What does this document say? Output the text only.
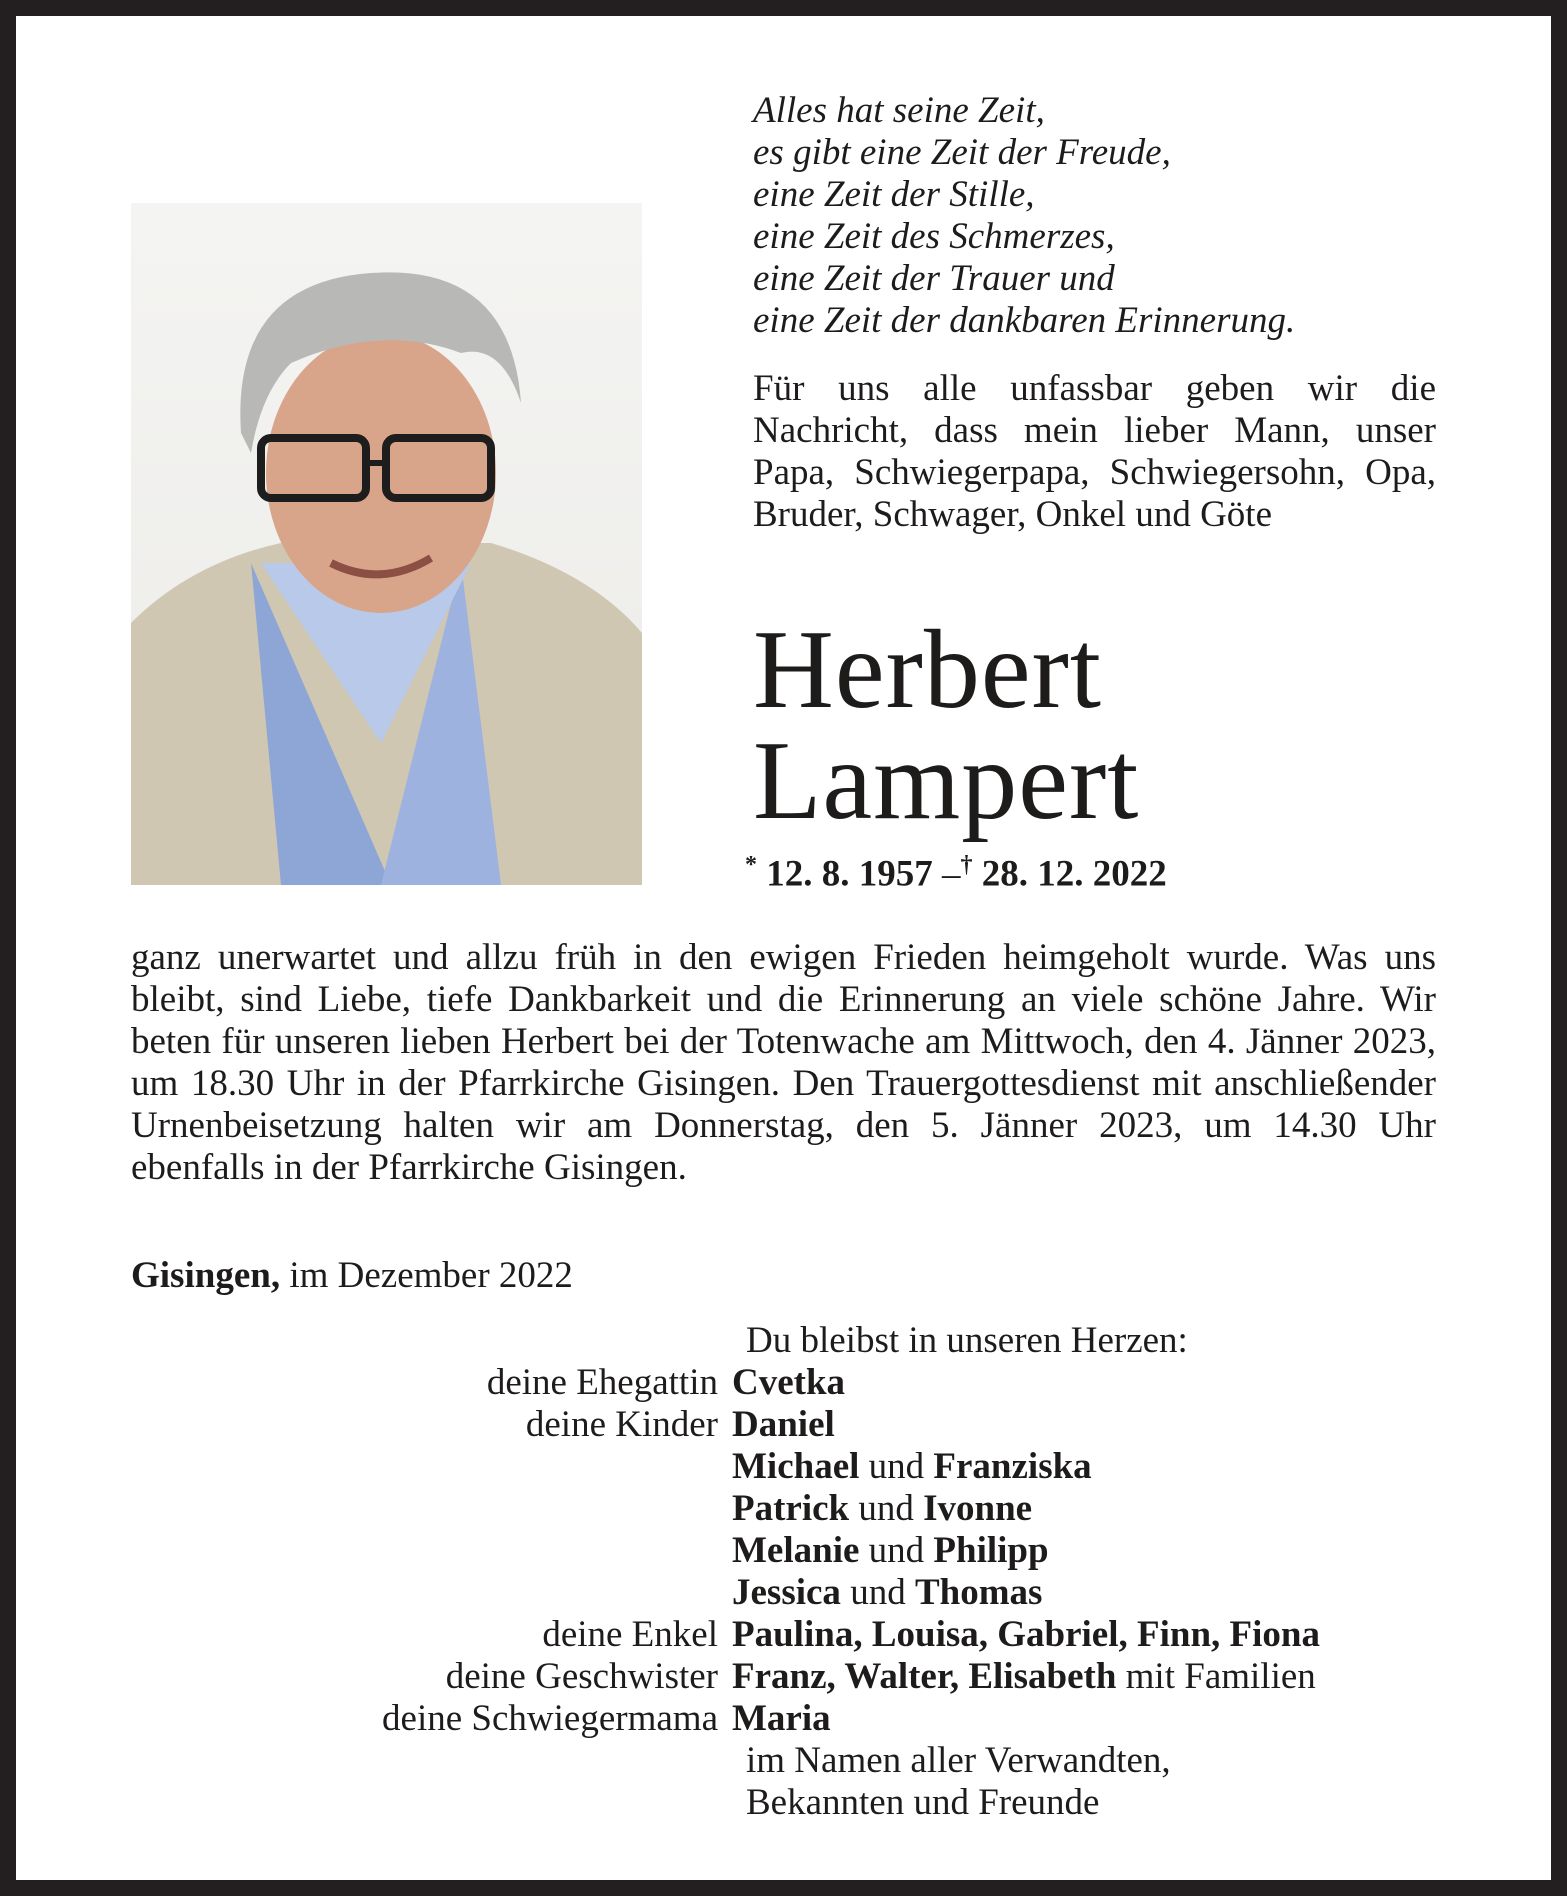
Alles hat seine Zeit,
es gibt eine Zeit der Freude,
eine Zeit der Stille,
eine Zeit des Schmerzes,
eine Zeit der Trauer und
eine Zeit der dankbaren Erinnerung.
Für uns alle unfassbar geben wir die Nachricht, dass mein lieber Mann, unser Papa, Schwiegerpapa, Schwiegersohn, Opa, Bruder, Schwager, Onkel und Göte
Herbert
Lampert
* 12. 8. 1957 –† 28. 12. 2022
ganz unerwartet und allzu früh in den ewigen Frieden heimgeholt wurde. Was uns bleibt, sind Liebe, tiefe Dankbarkeit und die Erinnerung an viele schöne Jahre. Wir beten für unseren lieben Herbert bei der Totenwache am Mittwoch, den 4. Jänner 2023, um 18.30 Uhr in der Pfarrkirche Gisingen. Den Trauergottesdienst mit anschließender Urnenbeisetzung halten wir am Donnerstag, den 5. Jänner 2023, um 14.30 Uhr ebenfalls in der Pfarrkirche Gisingen.
Gisingen, im Dezember 2022
Du bleibst in unseren Herzen:
deine Ehegattin Cvetka
deine Kinder Daniel
Michael und Franziska
Patrick und Ivonne
Melanie und Philipp
Jessica und Thomas
deine Enkel Paulina, Louisa, Gabriel, Finn, Fiona
deine Geschwister Franz, Walter, Elisabeth mit Familien
deine Schwiegermama Maria
im Namen aller Verwandten,
Bekannten und Freunde
